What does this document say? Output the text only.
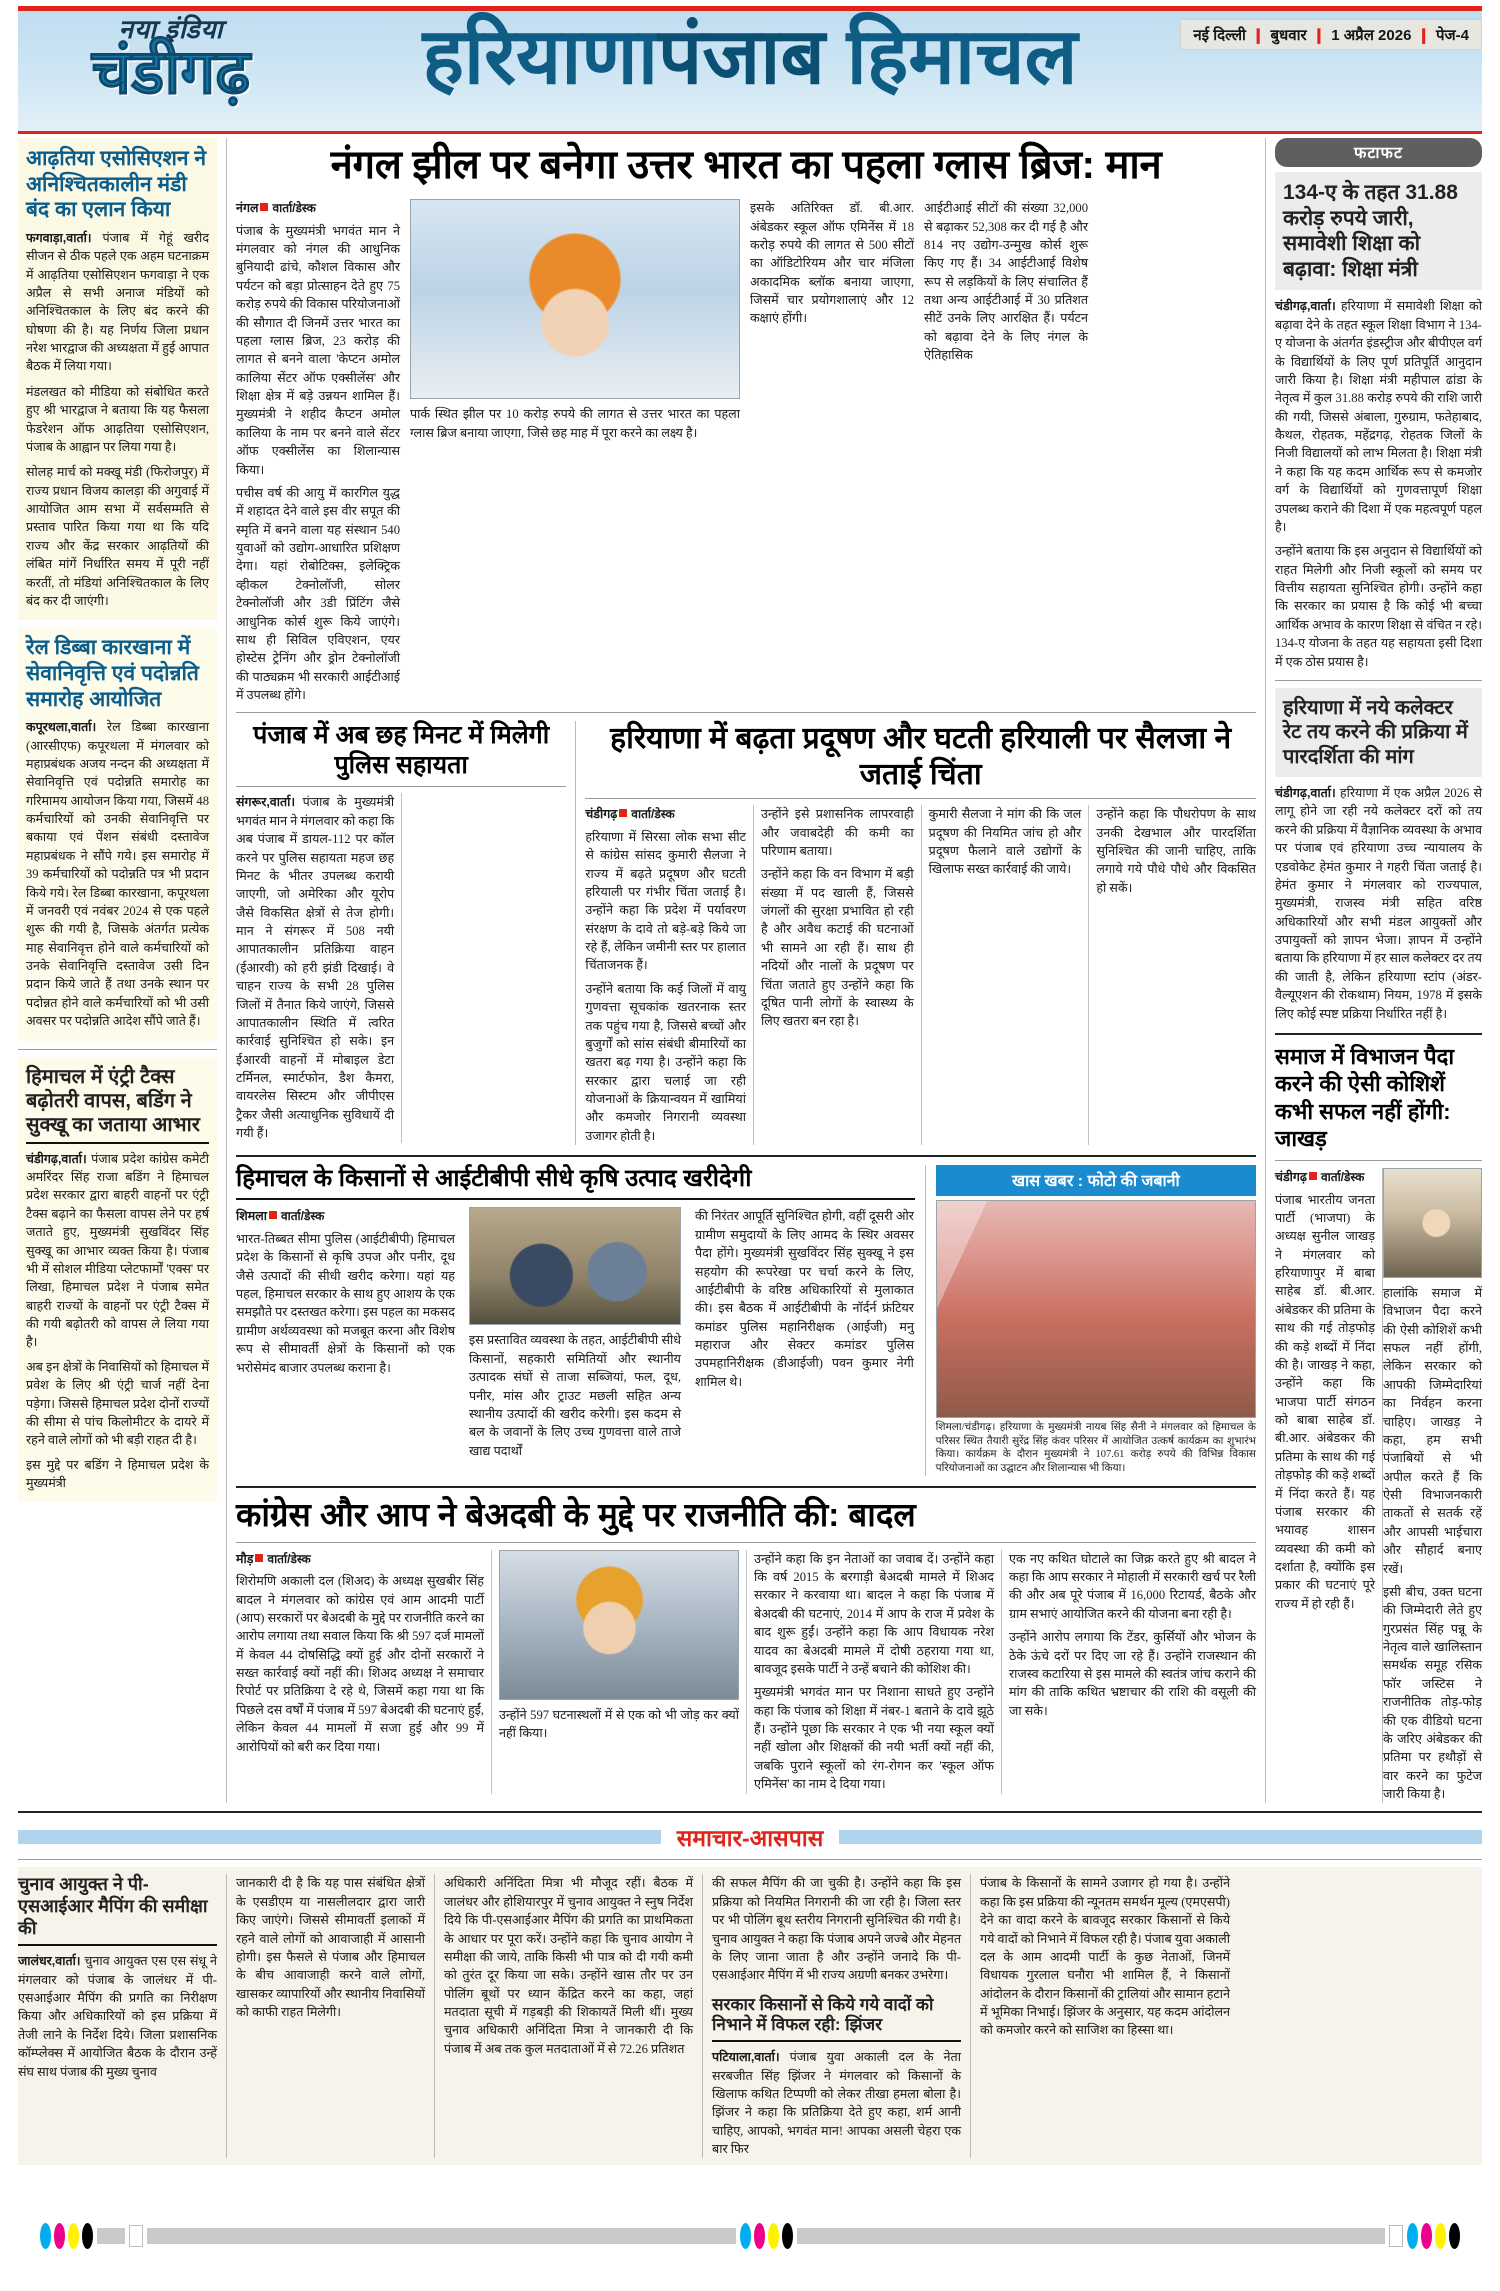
नया इंडिया
चंडीगढ़	हरियाणापंजाब हिमाचल	नई दिल्ली ❙ बुधवार ❙ 1 अप्रैल 2026 ❙ पेज-4
आढ़तिया एसोसिएशन ने अनिश्चितकालीन मंडी बंद का एलान किया
फगवाड़ा,वार्ता। पंजाब में गेहूं खरीद सीजन से ठीक पहले एक अहम घटनाक्रम में आढ़तिया एसोसिएशन फगवाड़ा ने एक अप्रैल से सभी अनाज मंडियों को अनिश्चितकाल के लिए बंद करने की घोषणा की है। यह निर्णय जिला प्रधान नरेश भारद्वाज की अध्यक्षता में हुई आपात बैठक में लिया गया।
मंडलखत को मीडिया को संबोधित करते हुए श्री भारद्वाज ने बताया कि यह फैसला फेडरेशन ऑफ आढ़तिया एसोसिएशन, पंजाब के आह्वान पर लिया गया है।
सोलह मार्च को मक्खू मंडी (फिरोजपुर) में राज्य प्रधान विजय कालड़ा की अगुवाई में आयोजित आम सभा में सर्वसम्मति से प्रस्ताव पारित किया गया था कि यदि राज्य और केंद्र सरकार आढ़तियों की लंबित मांगें निर्धारित समय में पूरी नहीं करतीं, तो मंडियां अनिश्चितकाल के लिए बंद कर दी जाएंगी।
रेल डिब्बा कारखाना में सेवानिवृत्ति एवं पदोन्नति समारोह आयोजित
कपूरथला,वार्ता। रेल डिब्बा कारखाना (आरसीएफ) कपूरथला में मंगलवार को महाप्रबंधक अजय नन्दन की अध्यक्षता में सेवानिवृत्ति एवं पदोन्नति समारोह का गरिमामय आयोजन किया गया, जिसमें 48 कर्मचारियों को उनकी सेवानिवृत्ति पर बकाया एवं पेंशन संबंधी दस्तावेज महाप्रबंधक ने सौंपे गये। इस समारोह में 39 कर्मचारियों को पदोन्नति पत्र भी प्रदान किये गये। रेल डिब्बा कारखाना, कपूरथला में जनवरी एवं नवंबर 2024 से एक पहले शुरू की गयी है, जिसके अंतर्गत प्रत्येक माह सेवानिवृत्त होने वाले कर्मचारियों को उनके सेवानिवृत्ति दस्तावेज उसी दिन प्रदान किये जाते हैं तथा उनके स्थान पर पदोन्नत होने वाले कर्मचारियों को भी उसी अवसर पर पदोन्नति आदेश सौंपे जाते हैं।
हिमाचल में एंट्री टैक्स बढ़ोतरी वापस, बडिंग ने सुक्खू का जताया आभार
चंडीगढ़,वार्ता। पंजाब प्रदेश कांग्रेस कमेटी अमरिंदर सिंह राजा बडिंग ने हिमाचल प्रदेश सरकार द्वारा बाहरी वाहनों पर एंट्री टैक्स बढ़ाने का फैसला वापस लेने पर हर्ष जताते हुए, मुख्यमंत्री सुखविंदर सिंह सुक्खू का आभार व्यक्त किया है। पंजाब भी में सोशल मीडिया प्लेटफार्मों 'एक्स' पर लिखा, हिमाचल प्रदेश ने पंजाब समेत बाहरी राज्यों के वाहनों पर एंट्री टैक्स में की गयी बढ़ोतरी को वापस ले लिया गया है।
अब इन क्षेत्रों के निवासियों को हिमाचल में प्रवेश के लिए श्री एंट्री चार्ज नहीं देना पड़ेगा। जिससे हिमाचल प्रदेश दोनों राज्यों की सीमा से पांच किलोमीटर के दायरे में रहने वाले लोगों को भी बड़ी राहत दी है।
इस मुद्दे पर बडिंग ने हिमाचल प्रदेश के मुख्यमंत्री
नंगल झील पर बनेगा उत्तर भारत का पहला ग्लास ब्रिज: मान
नंगल वार्ता/डेस्क
पंजाब के मुख्यमंत्री भगवंत मान ने मंगलवार को नंगल की आधुनिक बुनियादी ढांचे, कौशल विकास और पर्यटन को बड़ा प्रोत्साहन देते हुए 75 करोड़ रुपये की विकास परियोजनाओं की सौगात दी जिनमें उत्तर भारत का पहला ग्लास ब्रिज, 23 करोड़ की लागत से बनने वाला 'केप्टन अमोल कालिया सेंटर ऑफ एक्सीलेंस' और शिक्षा क्षेत्र में बड़े उन्नयन शामिल हैं। मुख्यमंत्री ने शहीद कैप्टन अमोल कालिया के नाम पर बनने वाले सेंटर ऑफ एक्सीलेंस का शिलान्यास किया।
पचीस वर्ष की आयु में कारगिल युद्ध में शहादत देने वाले इस वीर सपूत की स्मृति में बनने वाला यह संस्थान 540 युवाओं को उद्योग-आधारित प्रशिक्षण देगा। यहां रोबोटिक्स, इलेक्ट्रिक व्हीकल टेक्नोलॉजी, सोलर टेक्नोलॉजी और 3डी प्रिंटिंग जैसे आधुनिक कोर्स शुरू किये जाएंगे। साथ ही सिविल एविएशन, एयर होस्टेस ट्रेनिंग और ड्रोन टेक्नोलॉजी की पाठ्यक्रम भी सरकारी आईटीआई में उपलब्ध होंगे।
पार्क स्थित झील पर 10 करोड़ रुपये की लागत से उत्तर भारत का पहला ग्लास ब्रिज बनाया जाएगा, जिसे छह माह में पूरा करने का लक्ष्य है।
इसके अतिरिक्त डॉ. बी.आर. अंबेडकर स्कूल ऑफ एमिनेंस में 18 करोड़ रुपये की लागत से 500 सीटों का ऑडिटोरियम और चार मंजिला अकादमिक ब्लॉक बनाया जाएगा, जिसमें चार प्रयोगशालाएं और 12 कक्षाएं होंगी।
आईटीआई सीटों की संख्या 32,000 से बढ़ाकर 52,308 कर दी गई है और 814 नए उद्योग-उन्मुख कोर्स शुरू किए गए हैं। 34 आईटीआई विशेष रूप से लड़कियों के लिए संचालित हैं तथा अन्य आईटीआई में 30 प्रतिशत सीटें उनके लिए आरक्षित हैं। पर्यटन को बढ़ावा देने के लिए नंगल के ऐतिहासिक
पंजाब में अब छह मिनट में मिलेगी पुलिस सहायता
संगरूर,वार्ता। पंजाब के मुख्यमंत्री भगवंत मान ने मंगलवार को कहा कि अब पंजाब में डायल-112 पर कॉल करने पर पुलिस सहायता महज छह मिनट के भीतर उपलब्ध करायी जाएगी, जो अमेरिका और यूरोप जैसे विकसित क्षेत्रों से तेज होगी। मान ने संगरूर में 508 नयी आपातकालीन प्रतिक्रिया वाहन (ईआरवी) को हरी झंडी दिखाई। वे चाहन राज्य के सभी 28 पुलिस जिलों में तैनात किये जाएंगे, जिससे आपातकालीन स्थिति में त्वरित कार्रवाई सुनिश्चित हो सके। इन ईआरवी वाहनों में मोबाइल डेटा टर्मिनल, स्मार्टफोन, डैश कैमरा, वायरलेस सिस्टम और जीपीएस ट्रैकर जैसी अत्याधुनिक सुविधायें दी गयी हैं।

हरियाणा में बढ़ता प्रदूषण और घटती हरियाली पर सैलजा ने जताई चिंता
चंडीगढ़ वार्ता/डेस्क
हरियाणा में सिरसा लोक सभा सीट से कांग्रेस सांसद कुमारी सैलजा ने राज्य में बढ़ते प्रदूषण और घटती हरियाली पर गंभीर चिंता जताई है। उन्होंने कहा कि प्रदेश में पर्यावरण संरक्षण के दावे तो बड़े-बड़े किये जा रहे हैं, लेकिन जमीनी स्तर पर हालात चिंताजनक हैं।
उन्होंने बताया कि कई जिलों में वायु गुणवत्ता सूचकांक खतरनाक स्तर तक पहुंच गया है, जिससे बच्चों और बुजुर्गों को सांस संबंधी बीमारियों का खतरा बढ़ गया है। उन्होंने कहा कि सरकार द्वारा चलाई जा रही योजनाओं के क्रियान्वयन में खामियां और कमजोर निगरानी व्यवस्था उजागर होती है।
उन्होंने इसे प्रशासनिक लापरवाही और जवाबदेही की कमी का परिणाम बताया।
उन्होंने कहा कि वन विभाग में बड़ी संख्या में पद खाली हैं, जिससे जंगलों की सुरक्षा प्रभावित हो रही है और अवैध कटाई की घटनाओं भी सामने आ रही हैं। साथ ही नदियों और नालों के प्रदूषण पर चिंता जताते हुए उन्होंने कहा कि दूषित पानी लोगों के स्वास्थ्य के लिए खतरा बन रहा है।
कुमारी सैलजा ने मांग की कि जल प्रदूषण की नियमित जांच हो और प्रदूषण फैलाने वाले उद्योगों के खिलाफ सख्त कार्रवाई की जाये।
उन्होंने कहा कि पौधरोपण के साथ उनकी देखभाल और पारदर्शिता सुनिश्चित की जानी चाहिए, ताकि लगाये गये पौधे पौधे और विकसित हो सकें।
हिमाचल के किसानों से आईटीबीपी सीधे कृषि उत्पाद खरीदेगी
शिमला वार्ता/डेस्क
भारत-तिब्बत सीमा पुलिस (आईटीबीपी) हिमाचल प्रदेश के किसानों से कृषि उपज और पनीर, दूध जैसे उत्पादों की सीधी खरीद करेगा। यहां यह पहल, हिमाचल सरकार के साथ हुए आशय के एक समझौते पर दस्तखत करेगा। इस पहल का मकसद ग्रामीण अर्थव्यवस्था को मजबूत करना और विशेष रूप से सीमावर्ती क्षेत्रों के किसानों को एक भरोसेमंद बाजार उपलब्ध कराना है।
इस प्रस्तावित व्यवस्था के तहत, आईटीबीपी सीधे किसानों, सहकारी समितियों और स्थानीय उत्पादक संघों से ताजा सब्जियां, फल, दूध, पनीर, मांस और ट्राउट मछली सहित अन्य स्थानीय उत्पादों की खरीद करेगी। इस कदम से बल के जवानों के लिए उच्च गुणवत्ता वाले ताजे खाद्य पदार्थों
की निरंतर आपूर्ति सुनिश्चित होगी, वहीं दूसरी ओर ग्रामीण समुदायों के लिए आमद के स्थिर अवसर पैदा होंगे। मुख्यमंत्री सुखविंदर सिंह सुक्खू ने इस सहयोग की रूपरेखा पर चर्चा करने के लिए, आईटीबीपी के वरिष्ठ अधिकारियों से मुलाकात की। इस बैठक में आईटीबीपी के नॉर्दर्न फ्रंटियर कमांडर पुलिस महानिरीक्षक (आईजी) मनु महाराज और सेक्टर कमांडर पुलिस उपमहानिरीक्षक (डीआईजी) पवन कुमार नेगी शामिल थे।
खास खबर : फोटो की जबानी
शिमला/चंडीगढ़। हरियाणा के मुख्यमंत्री नायब सिंह सैनी ने मंगलवार को हिमाचल के परिसर स्थित तैयारी सुरेंद्र सिंह कंवर परिसर में आयोजित उत्कर्ष कार्यक्रम का शुभारंभ किया। कार्यक्रम के दौरान मुख्यमंत्री ने 107.61 करोड़ रुपये की विभिन्न विकास परियोजनाओं का उद्घाटन और शिलान्यास भी किया।
कांग्रेस और आप ने बेअदबी के मुद्दे पर राजनीति की: बादल
मौड़ वार्ता/डेस्क
शिरोमणि अकाली दल (शिअद) के अध्यक्ष सुखबीर सिंह बादल ने मंगलवार को कांग्रेस एवं आम आदमी पार्टी (आप) सरकारों पर बेअदबी के मुद्दे पर राजनीति करने का आरोप लगाया तथा सवाल किया कि श्री 597 दर्ज मामलों में केवल 44 दोषसिद्धि क्यों हुई और दोनों सरकारों ने सख्त कार्रवाई क्यों नहीं की। शिअद अध्यक्ष ने समाचार रिपोर्ट पर प्रतिक्रिया दे रहे थे, जिसमें कहा गया था कि पिछले दस वर्षों में पंजाब में 597 बेअदबी की घटनाएं हुईं, लेकिन केवल 44 मामलों में सजा हुई और 99 में आरोपियों को बरी कर दिया गया।
उन्होंने 597 घटनास्थलों में से एक को भी जोड़ कर क्यों नहीं किया।
उन्होंने कहा कि इन नेताओं का जवाब दें। उन्होंने कहा कि वर्ष 2015 के बरगाड़ी बेअदबी मामले में शिअद सरकार ने करवाया था। बादल ने कहा कि पंजाब में बेअदबी की घटनाएं, 2014 में आप के राज में प्रवेश के बाद शुरू हुईं। उन्होंने कहा कि आप विधायक नरेश यादव का बेअदबी मामले में दोषी ठहराया गया था, बावजूद इसके पार्टी ने उन्हें बचाने की कोशिश की।
मुख्यमंत्री भगवंत मान पर निशाना साधते हुए उन्होंने कहा कि पंजाब को शिक्षा में नंबर-1 बताने के दावे झूठे हैं। उन्होंने पूछा कि सरकार ने एक भी नया स्कूल क्यों नहीं खोला और शिक्षकों की नयी भर्ती क्यों नहीं की, जबकि पुराने स्कूलों को रंग-रोगन कर 'स्कूल ऑफ एमिनेंस' का नाम दे दिया गया।
एक नए कथित घोटाले का जिक्र करते हुए श्री बादल ने कहा कि आप सरकार ने मोहाली में सरकारी खर्च पर रैली की और अब पूरे पंजाब में 16,000 रिटायर्ड, बैठके और ग्राम सभाएं आयोजित करने की योजना बना रही है।
उन्होंने आरोप लगाया कि टेंडर, कुर्सियों और भोजन के ठेके ऊंचे दरों पर दिए जा रहे हैं। उन्होंने राजस्थान की राजस्व कटारिया से इस मामले की स्वतंत्र जांच कराने की मांग की ताकि कथित भ्रष्टाचार की राशि की वसूली की जा सके।
फटाफट
134-ए के तहत 31.88 करोड़ रुपये जारी, समावेशी शिक्षा को बढ़ावा: शिक्षा मंत्री
चंडीगढ़,वार्ता। हरियाणा में समावेशी शिक्षा को बढ़ावा देने के तहत स्कूल शिक्षा विभाग ने 134-ए योजना के अंतर्गत इंडस्ट्रीज और बीपीएल वर्ग के विद्यार्थियों के लिए पूर्ण प्रतिपूर्ति आनुदान जारी किया है। शिक्षा मंत्री महीपाल ढांडा के नेतृत्व में कुल 31.88 करोड़ रुपये की राशि जारी की गयी, जिससे अंबाला, गुरुग्राम, फतेहाबाद, कैथल, रोहतक, महेंद्रगढ़, रोहतक जिलों के निजी विद्यालयों को लाभ मिलता है। शिक्षा मंत्री ने कहा कि यह कदम आर्थिक रूप से कमजोर वर्ग के विद्यार्थियों को गुणवत्तापूर्ण शिक्षा उपलब्ध कराने की दिशा में एक महत्वपूर्ण पहल है।
उन्होंने बताया कि इस अनुदान से विद्यार्थियों को राहत मिलेगी और निजी स्कूलों को समय पर वित्तीय सहायता सुनिश्चित होगी। उन्होंने कहा कि सरकार का प्रयास है कि कोई भी बच्चा आर्थिक अभाव के कारण शिक्षा से वंचित न रहे। 134-ए योजना के तहत यह सहायता इसी दिशा में एक ठोस प्रयास है।
हरियाणा में नये कलेक्टर रेट तय करने की प्रक्रिया में पारदर्शिता की मांग
चंडीगढ़,वार्ता। हरियाणा में एक अप्रैल 2026 से लागू होने जा रही नये कलेक्टर दरों को तय करने की प्रक्रिया में वैज्ञानिक व्यवस्था के अभाव पर पंजाब एवं हरियाणा उच्च न्यायालय के एडवोकेट हेमंत कुमार ने गहरी चिंता जताई है। हेमंत कुमार ने मंगलवार को राज्यपाल, मुख्यमंत्री, राजस्व मंत्री सहित वरिष्ठ अधिकारियों और सभी मंडल आयुक्तों और उपायुक्तों को ज्ञापन भेजा। ज्ञापन में उन्होंने बताया कि हरियाणा में हर साल कलेक्टर दर तय की जाती है, लेकिन हरियाणा स्टांप (अंडर-वैल्यूएशन की रोकथाम) नियम, 1978 में इसके लिए कोई स्पष्ट प्रक्रिया निर्धारित नहीं है।
समाज में विभाजन पैदा करने की ऐसी कोशिशें कभी सफल नहीं होंगी: जाखड़
चंडीगढ़ वार्ता/डेस्क
पंजाब भारतीय जनता पार्टी (भाजपा) के अध्यक्ष सुनील जाखड़ ने मंगलवार को हरियाणापुर में बाबा साहेब डॉ. बी.आर. अंबेडकर की प्रतिमा के साथ की गई तोड़फोड़ की कड़े शब्दों में निंदा की है। जाखड़ ने कहा, उन्होंने कहा कि भाजपा पार्टी संगठन को बाबा साहेब डॉ. बी.आर. अंबेडकर की प्रतिमा के साथ की गई तोड़फोड़ की कड़े शब्दों में निंदा करते हैं। यह पंजाब सरकार की भयावह शासन व्यवस्था की कमी को दर्शाता है, क्योंकि इस प्रकार की घटनाएं पूरे राज्य में हो रही हैं।
हालांकि समाज में विभाजन पैदा करने की ऐसी कोशिशें कभी सफल नहीं होंगी, लेकिन सरकार को आपकी जिम्मेदारियां का निर्वहन करना चाहिए। जाखड़ ने कहा, हम सभी पंजाबियों से भी अपील करते हैं कि ऐसी विभाजनकारी ताकतों से सतर्क रहें और आपसी भाईचारा और सौहार्द बनाए रखें।
इसी बीच, उक्त घटना की जिम्मेदारी लेते हुए गुरप्रसंत सिंह पन्नू के नेतृत्व वाले खालिस्तान समर्थक समूह रसिक फॉर जस्टिस ने राजनीतिक तोड़-फोड़ की एक वीडियो घटना के जरिए अंबेडकर की प्रतिमा पर हथौड़ों से वार करने का फुटेज जारी किया है।
समाचार-आसपास
चुनाव आयुक्त ने पी-एसआईआर मैपिंग की समीक्षा की
जालंधर,वार्ता। चुनाव आयुक्त एस एस संधू ने मंगलवार को पंजाब के जालंधर में पी-एसआईआर मैपिंग की प्रगति का निरीक्षण किया और अधिकारियों को इस प्रक्रिया में तेजी लाने के निर्देश दिये। जिला प्रशासनिक कॉम्प्लेक्स में आयोजित बैठक के दौरान उन्हें संघ साथ पंजाब की मुख्य चुनाव
जानकारी दी है कि यह पास संबंधित क्षेत्रों के एसडीएम या नासलीलदार द्वारा जारी किए जाएंगे। जिससे सीमावर्ती इलाकों में रहने वाले लोगों को आवाजाही में आसानी होगी। इस फैसले से पंजाब और हिमाचल के बीच आवाजाही करने वाले लोगों, खासकर व्यापारियों और स्थानीय निवासियों को काफी राहत मिलेगी।
अधिकारी अनिंदिता मित्रा भी मौजूद रहीं। बैठक में जालंधर और होशियारपुर में चुनाव आयुक्त ने स्नुष निर्देश दिये कि पी-एसआईआर मैपिंग की प्रगति का प्राथमिकता के आधार पर पूरा करें। उन्होंने कहा कि चुनाव आयोग ने समीक्षा की जाये, ताकि किसी भी पात्र को दी गयी कमी को तुरंत दूर किया जा सके। उन्होंने खास तौर पर उन पोलिंग बूथों पर ध्यान केंद्रित करने का कहा, जहां मतदाता सूची में गड़बड़ी की शिकायतें मिली थीं। मुख्य चुनाव अधिकारी अनिंदिता मित्रा ने जानकारी दी कि पंजाब में अब तक कुल मतदाताओं में से 72.26 प्रतिशत
की सफल मैपिंग की जा चुकी है। उन्होंने कहा कि इस प्रक्रिया को नियमित निगरानी की जा रही है। जिला स्तर पर भी पोलिंग बूथ स्तरीय निगरानी सुनिश्चित की गयी है। चुनाव आयुक्त ने कहा कि पंजाब अपने जज्बे और मेहनत के लिए जाना जाता है और उन्होंने जनादे कि पी-एसआईआर मैपिंग में भी राज्य अग्रणी बनकर उभरेगा।
सरकार किसानों से किये गये वादों को निभाने में विफल रही: झिंजर
पटियाला,वार्ता। पंजाब युवा अकाली दल के नेता सरबजीत सिंह झिंजर ने मंगलवार को किसानों के खिलाफ कथित टिप्पणी को लेकर तीखा हमला बोला है। झिंजर ने कहा कि प्रतिक्रिया देते हुए कहा, शर्म आनी चाहिए, आपको, भगवंत मान! आपका असली चेहरा एक बार फिर
पंजाब के किसानों के सामने उजागर हो गया है। उन्होंने कहा कि इस प्रक्रिया की न्यूनतम समर्थन मूल्य (एमएसपी) देने का वादा करने के बावजूद सरकार किसानों से किये गये वादों को निभाने में विफल रही है। पंजाब युवा अकाली दल के आम आदमी पार्टी के कुछ नेताओं, जिनमें विधायक गुरलाल घनौरा भी शामिल हैं, ने किसानों आंदोलन के दौरान किसानों की ट्रालियां और सामान हटाने में भूमिका निभाई। झिंजर के अनुसार, यह कदम आंदोलन को कमजोर करने को साजिश का हिस्सा था।
